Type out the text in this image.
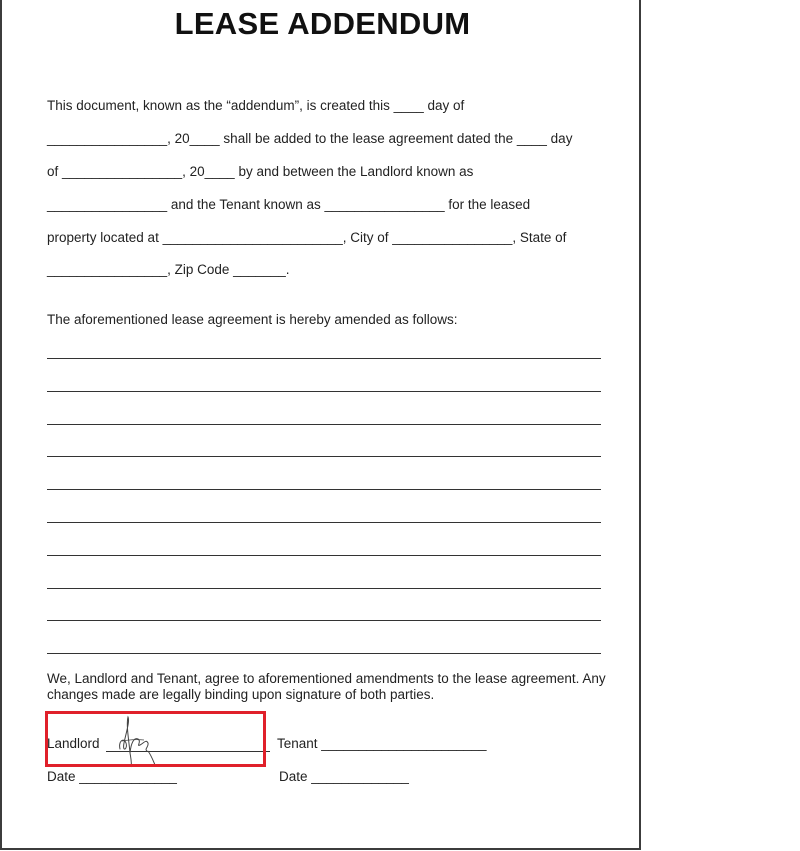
LEASE ADDENDUM
This document, known as the “addendum”, is created this ____ day of
________________, 20____ shall be added to the lease agreement dated the ____ day
of ________________, 20____ by and between the Landlord known as
________________ and the Tenant known as ________________ for the leased
property located at ________________________, City of ________________, State of
________________, Zip Code _______.
The aforementioned lease agreement is hereby amended as follows:
We, Landlord and Tenant, agree to aforementioned amendments to the lease agreement. Any changes made are legally binding upon signature of both parties.
Landlord	Tenant ______________________
Date _____________	Date _____________
